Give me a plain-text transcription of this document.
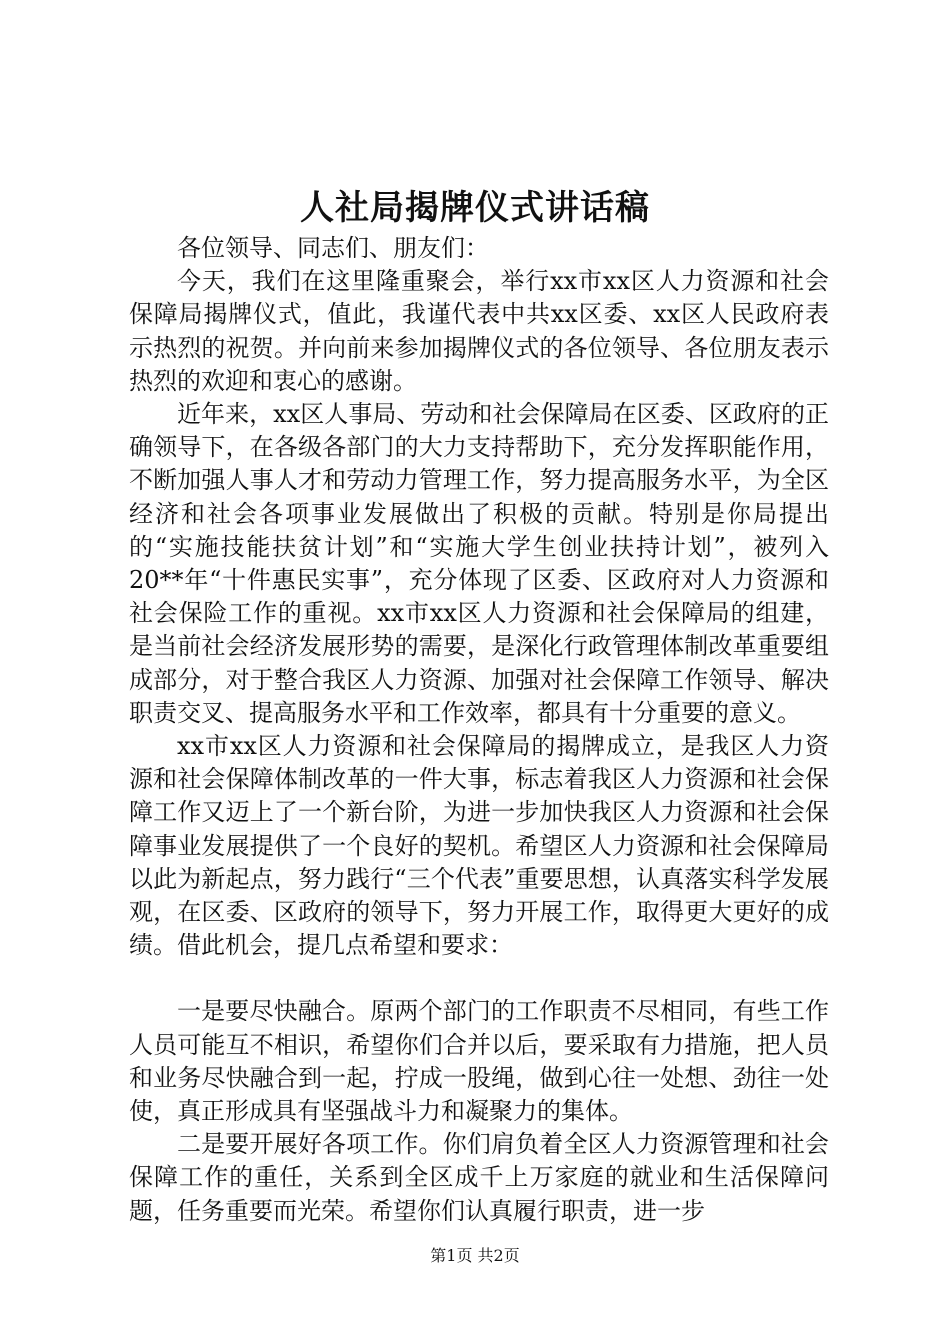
人社局揭牌仪式讲话稿

各位领导、同志们、朋友们：

今天，我们在这里隆重聚会，举行xx市xx区人力资源和社会保障局揭牌仪式，值此，我谨代表中共xx区委、xx区人民政府表示热烈的祝贺。并向前来参加揭牌仪式的各位领导、各位朋友表示热烈的欢迎和衷心的感谢。

近年来，xx区人事局、劳动和社会保障局在区委、区政府的正确领导下，在各级各部门的大力支持帮助下，充分发挥职能作用，不断加强人事人才和劳动力管理工作，努力提高服务水平，为全区经济和社会各项事业发展做出了积极的贡献。特别是你局提出的“实施技能扶贫计划”和“实施大学生创业扶持计划”，被列入20**年“十件惠民实事”，充分体现了区委、区政府对人力资源和社会保险工作的重视。xx市xx区人力资源和社会保障局的组建，是当前社会经济发展形势的需要，是深化行政管理体制改革重要组成部分，对于整合我区人力资源、加强对社会保障工作领导、解决职责交叉、提高服务水平和工作效率，都具有十分重要的意义。

xx市xx区人力资源和社会保障局的揭牌成立，是我区人力资源和社会保障体制改革的一件大事，标志着我区人力资源和社会保障工作又迈上了一个新台阶，为进一步加快我区人力资源和社会保障事业发展提供了一个良好的契机。希望区人力资源和社会保障局以此为新起点，努力践行“三个代表”重要思想，认真落实科学发展观，在区委、区政府的领导下，努力开展工作，取得更大更好的成绩。借此机会，提几点希望和要求：

一是要尽快融合。原两个部门的工作职责不尽相同，有些工作人员可能互不相识，希望你们合并以后，要采取有力措施，把人员和业务尽快融合到一起，拧成一股绳，做到心往一处想、劲往一处使，真正形成具有坚强战斗力和凝聚力的集体。

二是要开展好各项工作。你们肩负着全区人力资源管理和社会保障工作的重任，关系到全区成千上万家庭的就业和生活保障问题，任务重要而光荣。希望你们认真履行职责，进一步

第1页 共2页
